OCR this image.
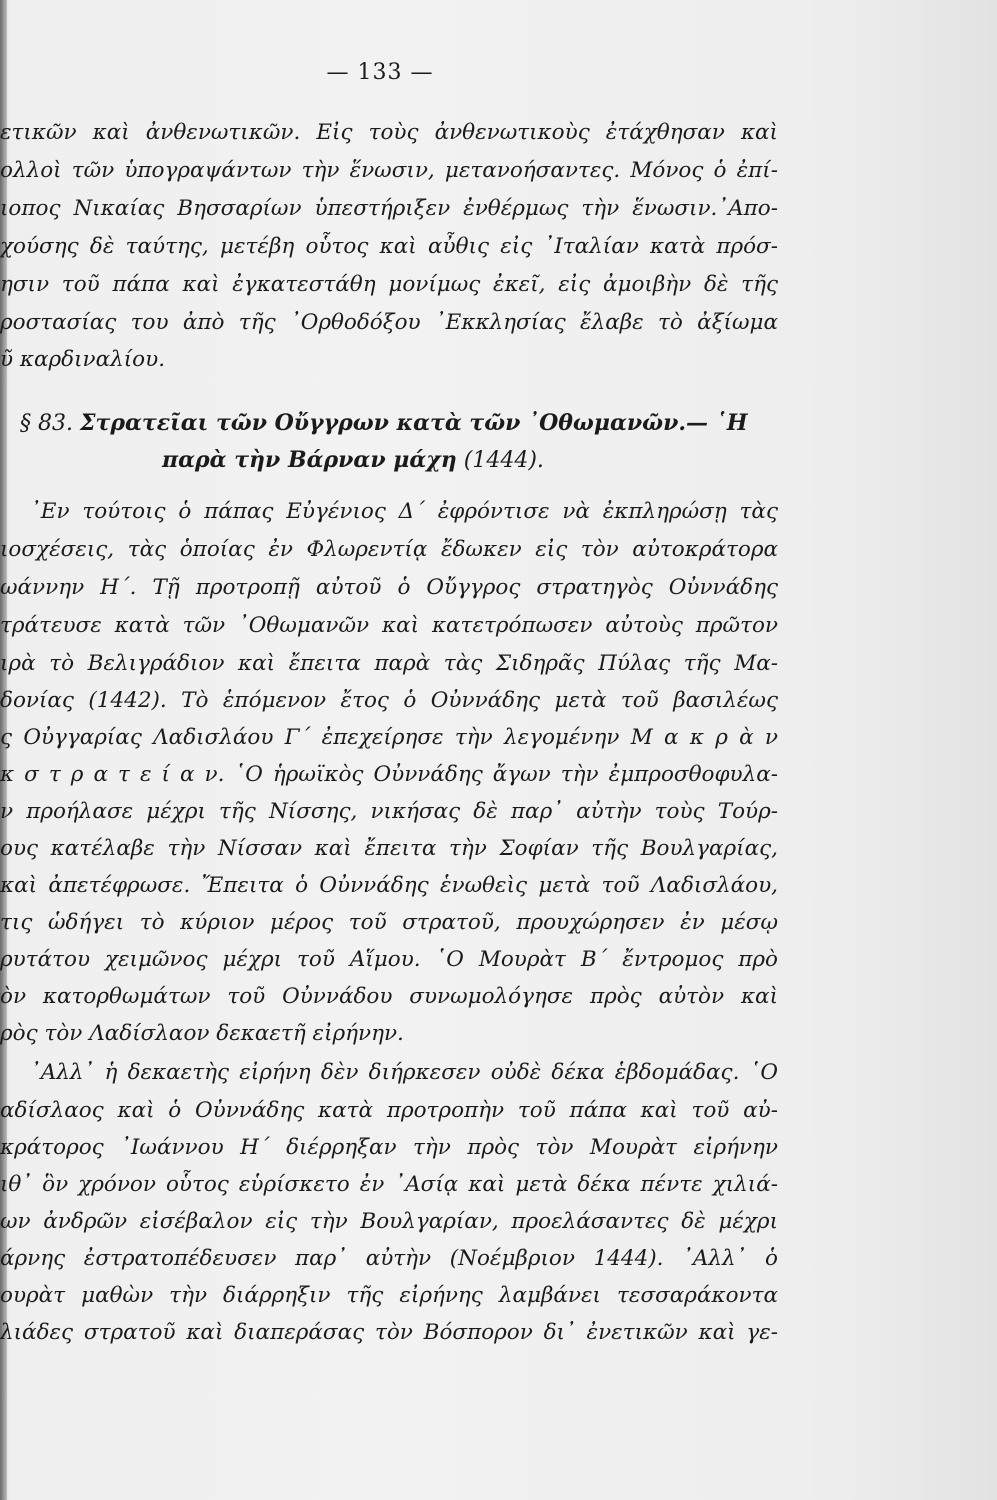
— 133 —
ετικῶν καὶ ἀνθενωτικῶν. Εἰς τοὺς ἀνθενωτικοὺς ἐτάχθησαν καὶ
ολλοὶ τῶν ὑπογραψάντων τὴν ἕνωσιν, μετανοήσαντες. Μόνος ὁ ἐπί-
ιοπος Νικαίας Βησσαρίων ὑπεστήριξεν ἐνθέρμως τὴν ἕνωσιν.᾿Απο-
χούσης δὲ ταύτης, μετέβη οὗτος καὶ αὖθις εἰς ᾿Ιταλίαν κατὰ πρόσ-
ησιν τοῦ πάπα καὶ ἐγκατεστάθη μονίμως ἐκεῖ, εἰς ἀμοιβὴν δὲ τῆς
ροστασίας του ἀπὸ τῆς ᾿Ορθοδόξου ᾿Εκκλησίας ἔλαβε τὸ ἀξίωμα
ῦ καρδιναλίου.
§ 83. Στρατεῖαι τῶν Οὔγγρων κατὰ τῶν ᾿Οθωμανῶν.— ῾Η
παρὰ τὴν Βάρναν μάχη (1444).
᾿Εν τούτοις ὁ πάπας Εὐγένιος Δ΄ ἐφρόντισε νὰ ἐκπληρώσῃ τὰς
ιοσχέσεις, τὰς ὁποίας ἐν Φλωρεντίᾳ ἔδωκεν εἰς τὸν αὐτοκράτορα
ωάννην Η΄. Τῇ προτροπῇ αὐτοῦ ὁ Οὔγγρος στρατηγὸς Οὐννάδης
τράτευσε κατὰ τῶν ᾿Οθωμανῶν καὶ κατετρόπωσεν αὐτοὺς πρῶτον
ιρὰ τὸ Βελιγράδιον καὶ ἔπειτα παρὰ τὰς Σιδηρᾶς Πύλας τῆς Μα-
δονίας (1442). Τὸ ἑπόμενον ἔτος ὁ Οὐννάδης μετὰ τοῦ βασιλέως
ς Οὐγγαρίας Λαδισλάου Γ΄ ἐπεχείρησε τὴν λεγομένην Μ α κ ρ ὰ ν
κ σ τ ρ α τ ε ί α ν. ῾Ο ἡρωϊκὸς Οὐννάδης ἄγων τὴν ἐμπροσθοφυλα-
ν προήλασε μέχρι τῆς Νίσσης, νικήσας δὲ παρ᾿ αὐτὴν τοὺς Τούρ-
ους κατέλαβε τὴν Νίσσαν καὶ ἔπειτα τὴν Σοφίαν τῆς Βουλγαρίας,
καὶ ἀπετέφρωσε. Ἔπειτα ὁ Οὐννάδης ἑνωθεὶς μετὰ τοῦ Λαδισλάου,
τις ὡδήγει τὸ κύριον μέρος τοῦ στρατοῦ, προυχώρησεν ἐν μέσῳ
ρυτάτου χειμῶνος μέχρι τοῦ Αἵμου. ῾Ο Μουρὰτ Β΄ ἔντρομος πρὸ
ὸν κατορθωμάτων τοῦ Οὐννάδου συνωμολόγησε πρὸς αὐτὸν καὶ
ρὸς τὸν Λαδίσλαον δεκαετῆ εἰρήνην.
᾿Αλλ᾿ ἡ δεκαετὴς εἰρήνη δὲν διήρκεσεν οὐδὲ δέκα ἑβδομάδας. ῾Ο
αδίσλαος καὶ ὁ Οὐννάδης κατὰ προτροπὴν τοῦ πάπα καὶ τοῦ αὐ-
κράτορος ᾿Ιωάννου Η΄ διέρρηξαν τὴν πρὸς τὸν Μουρὰτ εἰρήνην
ιθ᾿ ὃν χρόνον οὗτος εὑρίσκετο ἐν ᾿Ασίᾳ καὶ μετὰ δέκα πέντε χιλιά-
ων ἀνδρῶν εἰσέβαλον εἰς τὴν Βουλγαρίαν, προελάσαντες δὲ μέχρι
άρνης ἐστρατοπέδευσεν παρ᾿ αὐτὴν (Νοέμβριον 1444). ᾿Αλλ᾿ ὁ
ουρὰτ μαθὼν τὴν διάρρηξιν τῆς εἰρήνης λαμβάνει τεσσαράκοντα
λιάδες στρατοῦ καὶ διαπεράσας τὸν Βόσπορον δι᾿ ἐνετικῶν καὶ γε-
